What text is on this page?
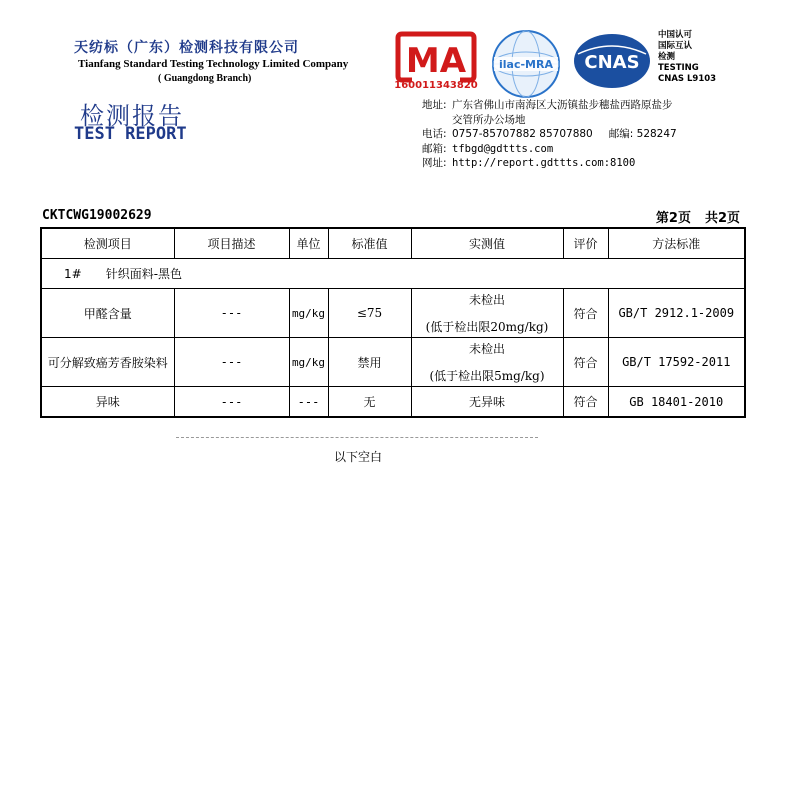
天纺标（广东）检测科技有限公司
Tianfang Standard Testing Technology Limited Company
( Guangdong Branch)
检测报告
TEST REPORT
MA
160011343820
ilac-MRA CNAS
中国认可
国际互认
检测
TESTING
CNAS L9103
地址: 广东省佛山市南海区大沥镇盐步穗盐西路原盐步
交管所办公场地
电话: 0757-85707882 85707880 邮编: 528247
邮箱: tfbgd@gdttts.com
网址: http://report.gdttts.com:8100
CKTCWG19002629	第2页 共2页
检测项目	项目描述	单位	标准值	实测值	评价	方法标准
1#　　针织面料-黑色						
甲醛含量	---	mg/kg	≤75	未检出
(低于检出限20mg/kg)	符合	GB/T 2912.1-2009
可分解致癌芳香胺染料	---	mg/kg	禁用	未检出
(低于检出限5mg/kg)	符合	GB/T 17592-2011
异味	---	---	无	无异味	符合	GB 18401-2010
以下空白
